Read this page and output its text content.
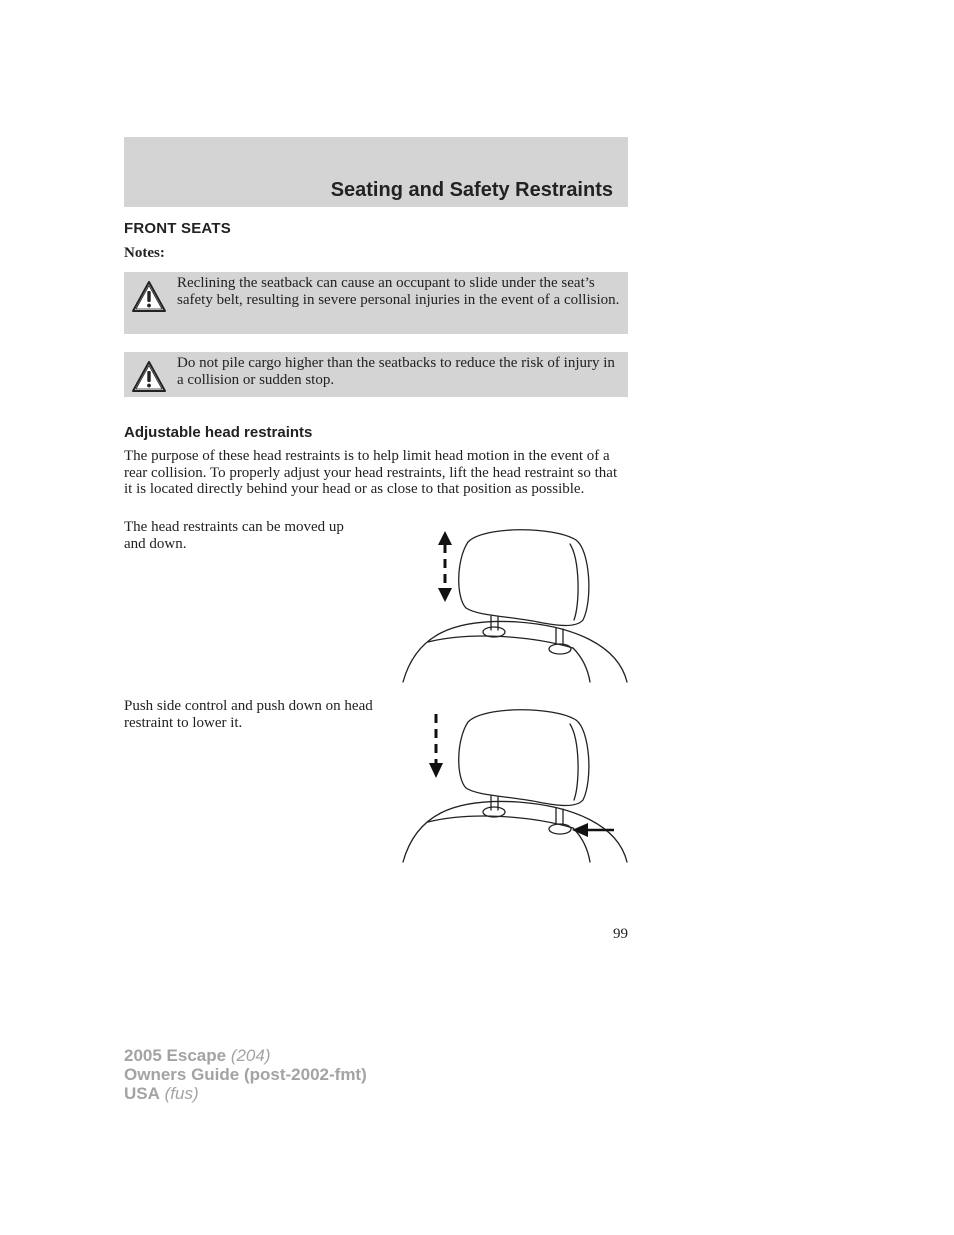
Seating and Safety Restraints
FRONT SEATS

Notes:

Reclining the seatback can cause an occupant to slide under the seat’s safety belt, resulting in severe personal injuries in the event of a collision.
Do not pile cargo higher than the seatbacks to reduce the risk of injury in a collision or sudden stop.
Adjustable head restraints

The purpose of these head restraints is to help limit head motion in the event of a rear collision. To properly adjust your head restraints, lift the head restraint so that it is located directly behind your head or as close to that position as possible.

The head restraints can be moved up and down.

Push side control and push down on head restraint to lower it.

99

2005 Escape (204)
Owners Guide (post-2002-fmt)
USA (fus)
